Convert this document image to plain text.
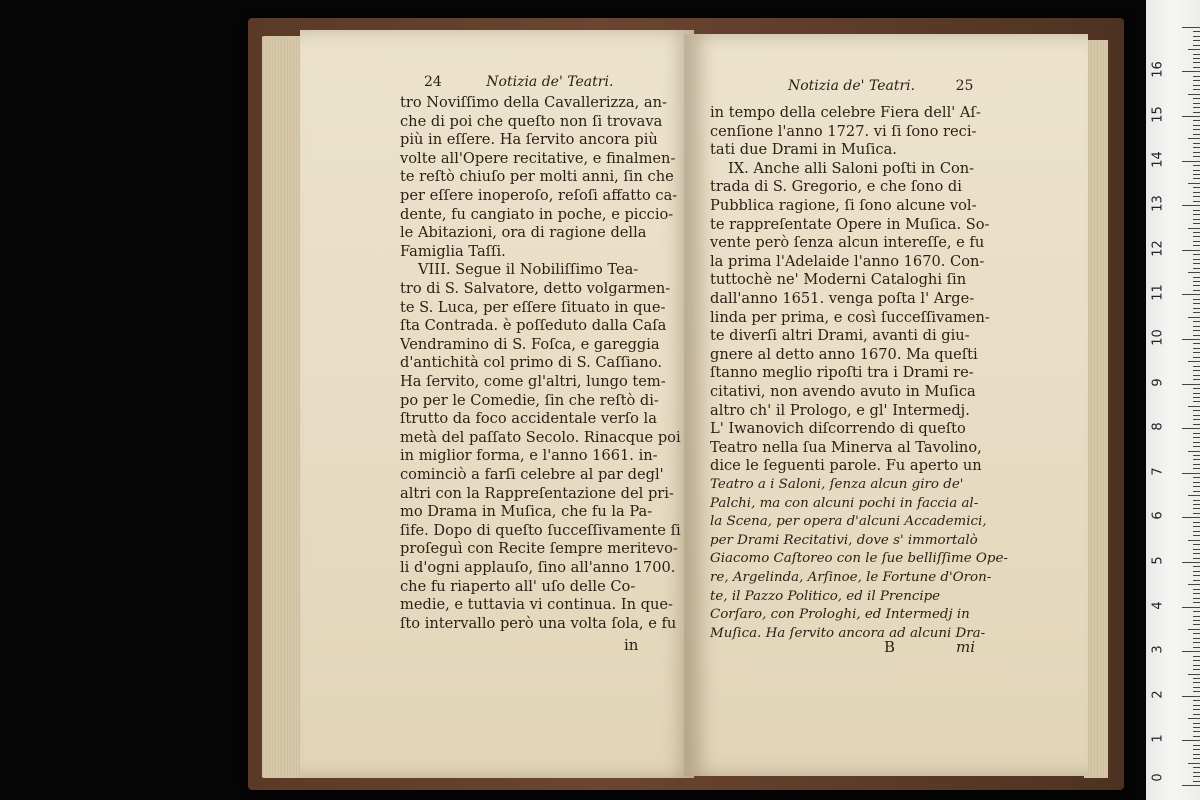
24	Notizia de' Teatri.
tro Noviſſimo della Cavallerizza, an-
che di poi che queſto non ſi trovava
più in eſſere. Ha ſervito ancora più
volte all'Opere recitative, e finalmen-
te reſtò chiuſo per molti anni, ſin che
per eſſere inoperoſo, reſoſi affatto ca-
dente, fu cangiato in poche, e piccio-
le Abitazioni, ora di ragione della
Famiglia Taſſi.
VIII. Segue il Nobiliſſimo Tea-
tro di S. Salvatore, detto volgarmen-
te S. Luca, per eſſere ſituato in que-
ſta Contrada. è poſſeduto dalla Caſa
Vendramino di S. Foſca, e gareggia
d'antichità col primo di S. Caſſiano.
Ha ſervito, come gl'altri, lungo tem-
po per le Comedie, ſin che reſtò di-
ſtrutto da foco accidentale verſo la
metà del paſſato Secolo. Rinacque poi
in miglior forma, e l'anno 1661. in-
cominciò a farſi celebre al par degl'
altri con la Rappreſentazione del pri-
mo Drama in Muſica, che fu la Pa-
ſife. Dopo di queſto ſucceſſivamente ſi
proſeguì con Recite ſempre meritevo-
li d'ogni applauſo, ſino all'anno 1700.
che fu riaperto all' uſo delle Co-
medie, e tuttavia vi continua. In que-
ſto intervallo però una volta ſola, e fu
in
Notizia de' Teatri.	25
in tempo della celebre Fiera dell' Aſ-
cenſione l'anno 1727. vi ſi ſono reci-
tati due Drami in Muſica.
IX. Anche alli Saloni poſti in Con-
trada di S. Gregorio, e che ſono di
Pubblica ragione, ſi ſono alcune vol-
te rappreſentate Opere in Muſica. So-
vente però ſenza alcun intereſſe, e fu
la prima l'Adelaide l'anno 1670. Con-
tuttochè ne' Moderni Cataloghi ſin
dall'anno 1651. venga poſta l' Arge-
linda per prima, e così ſucceſſivamen-
te diverſi altri Drami, avanti di giu-
gnere al detto anno 1670. Ma queſti
ſtanno meglio ripoſti tra i Drami re-
citativi, non avendo avuto in Muſica
altro ch' il Prologo, e gl' Intermedj.
L' Iwanovich diſcorrendo di queſto
Teatro nella ſua Minerva al Tavolino,
dice le ſeguenti parole. Fu aperto un
Teatro a i Saloni, ſenza alcun giro de'
Palchi, ma con alcuni pochi in faccia al-
la Scena, per opera d'alcuni Accademici,
per Drami Recitativi, dove s' immortalò
Giacomo Caſtoreo con le ſue belliſſime Ope-
re, Argelinda, Arſinoe, le Fortune d'Oron-
te, il Pazzo Politico, ed il Prencipe
Corſaro, con Prologhi, ed Intermedj in
Muſica. Ha ſervito ancora ad alcuni Dra-
B	mi
0
1
2
3
4
5
6
7
8
9
10
11
12
13
14
15
16
